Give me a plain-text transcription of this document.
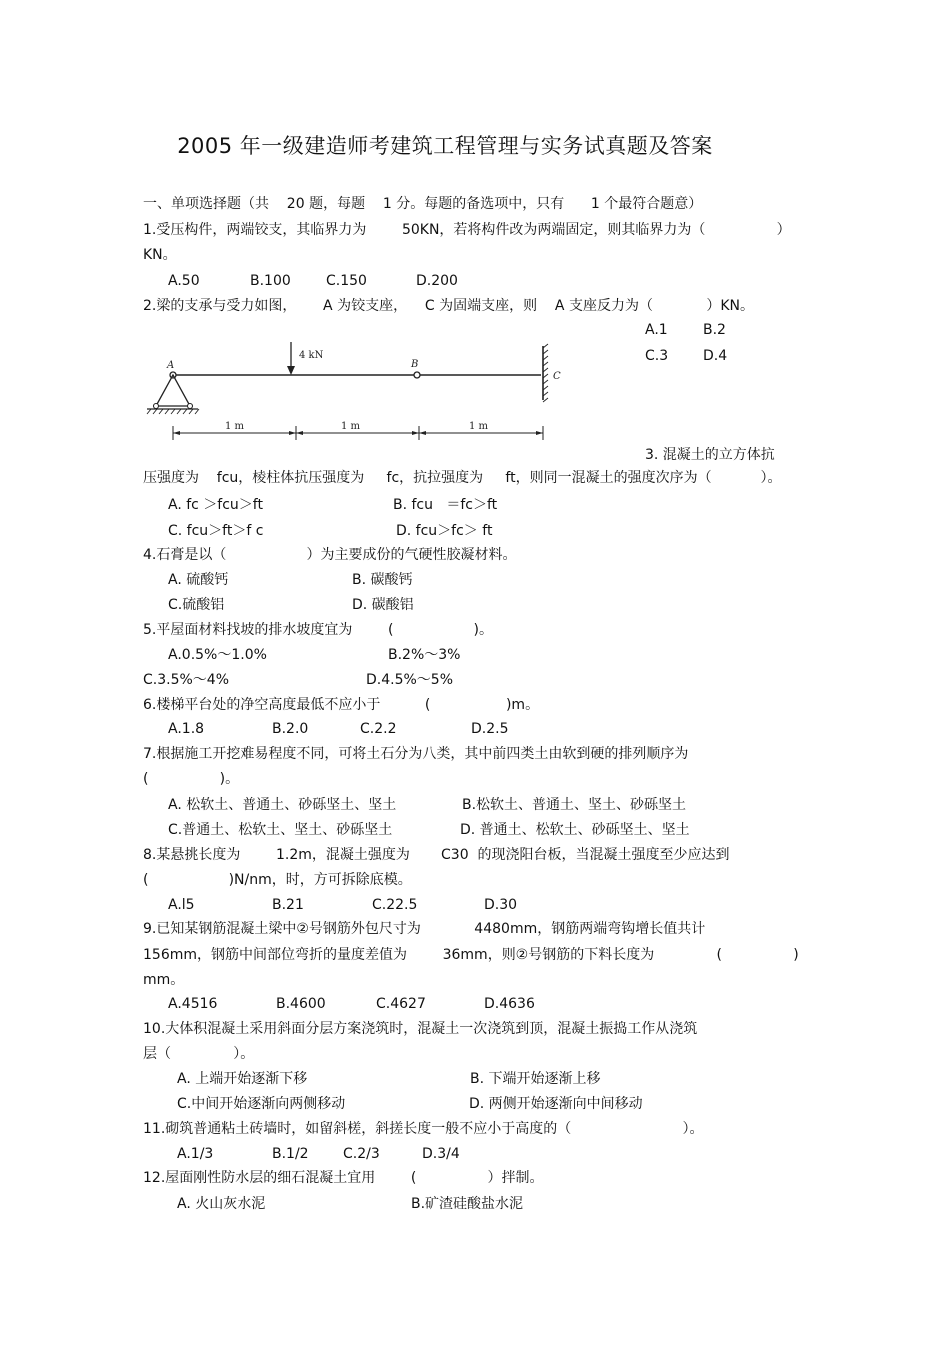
2005 年一级建造师考建筑工程管理与实务试真题及答案
一、单项选择题（共    20 题，每题    1 分。每题的备选项中，只有      1 个最符合题意）
1.受压构件，两端铰支，其临界力为        50KN，若将构件改为两端固定，则其临界力为（                ）
KN。
A.50	B.100	C.150	D.200
2.梁的支承与受力如图，      A 为铰支座，    C 为固端支座，则    A 支座反力为（            ）KN。
A.1	B.2
C.3 D.4
4 kN
A	B
C
1 m	1 m	1 m
3. 混凝土的立方体抗
压强度为    fcu，棱柱体抗压强度为     fc，抗拉强度为     ft，则同一混凝土的强度次序为（           ）。
A. fc ＞fcu＞ft	B. fcu   ＝fc＞ft
C. fcu＞ft＞f c	D. fcu＞fc＞ ft
4.石膏是以（                  ）为主要成份的气硬性胶凝材料。
A. 硫酸钙	B. 碳酸钙
C.硫酸铝	D. 碳酸铝
5.平屋面材料找坡的排水坡度宜为        (                  )。
A.0.5%～1.0%	B.2%～3%
C.3.5%～4%	D.4.5%～5%
6.楼梯平台处的净空高度最低不应小于          (                 )m。
A.1.8	B.2.0	C.2.2	D.2.5
7.根据施工开挖难易程度不同，可将土石分为八类，其中前四类土由软到硬的排列顺序为
(                )。
A. 松软土、普通土、砂砾坚土、坚土	B.松软土、普通土、坚土、砂砾坚土
C.普通土、松软土、坚土、砂砾坚土	D. 普通土、松软土、砂砾坚土、坚土
8.某悬挑长度为        1.2m，混凝土强度为       C30  的现浇阳台板，当混凝土强度至少应达到
(                  )N/nm，时，方可拆除底模。
A.l5	B.21	C.22.5	D.30
9.已知某钢筋混凝土梁中②号钢筋外包尺寸为            4480mm，钢筋两端弯钩增长值共计
156mm，钢筋中间部位弯折的量度差值为        36mm，则②号钢筋的下料长度为              (                )
mm。
A.4516	B.4600	C.4627	D.4636
10.大体积混凝土采用斜面分层方案浇筑时，混凝土一次浇筑到顶，混凝土振捣工作从浇筑
层（              ）。
A. 上端开始逐渐下移	B. 下端开始逐渐上移
C.中间开始逐渐向两侧移动	D. 两侧开始逐渐向中间移动
11.砌筑普通粘土砖墙时，如留斜槎，斜搓长度一般不应小于高度的（                         ）。
A.1/3	B.1/2 C.2/3	D.3/4
12.屋面刚性防水层的细石混凝土宜用        (                ）拌制。
A. 火山灰水泥	B.矿渣硅酸盐水泥
